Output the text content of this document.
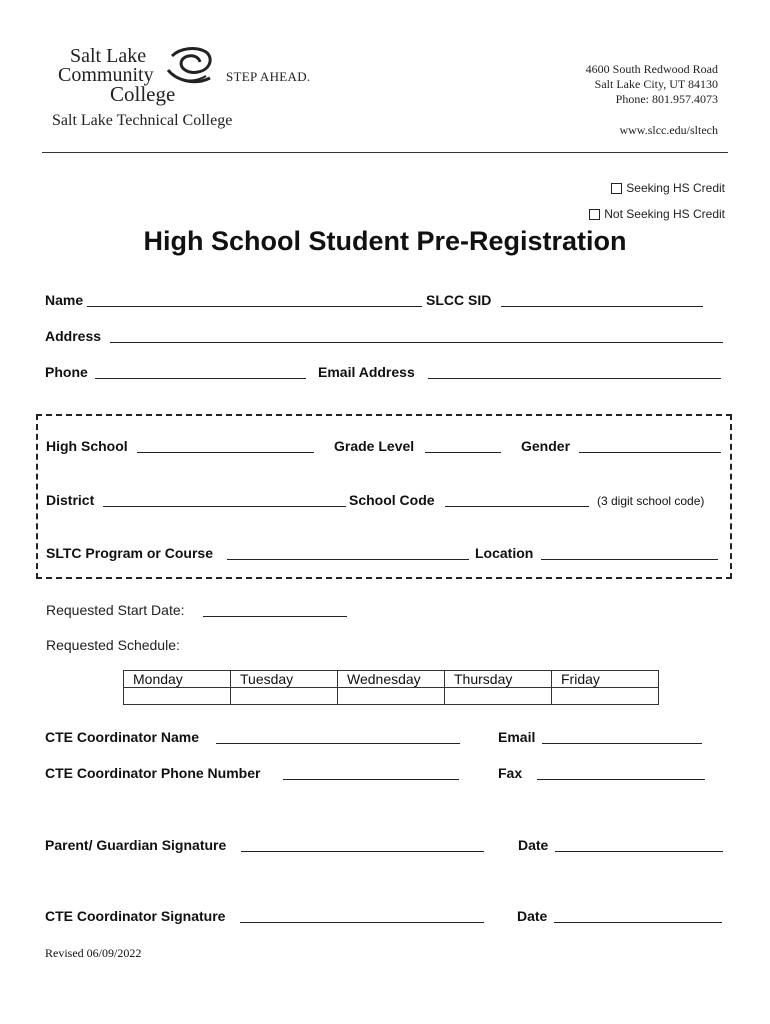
Salt Lake
Community
College
STEP AHEAD.
Salt Lake Technical College
4600 South Redwood Road
Salt Lake City, UT 84130
Phone: 801.957.4073
www.slcc.edu/sltech
Seeking HS Credit
Not Seeking HS Credit
High School Student Pre-Registration
Name	SLCC SID
Address
Phone	Email Address
High School	Grade Level	Gender
District	School Code	(3 digit school code)
SLTC Program or Course	Location
Requested Start Date:
Requested Schedule:
Monday	Tuesday	Wednesday	Thursday	Friday

CTE Coordinator Name	Email
CTE Coordinator Phone Number	Fax
Parent/ Guardian Signature	Date
CTE Coordinator Signature	Date
Revised 06/09/2022
